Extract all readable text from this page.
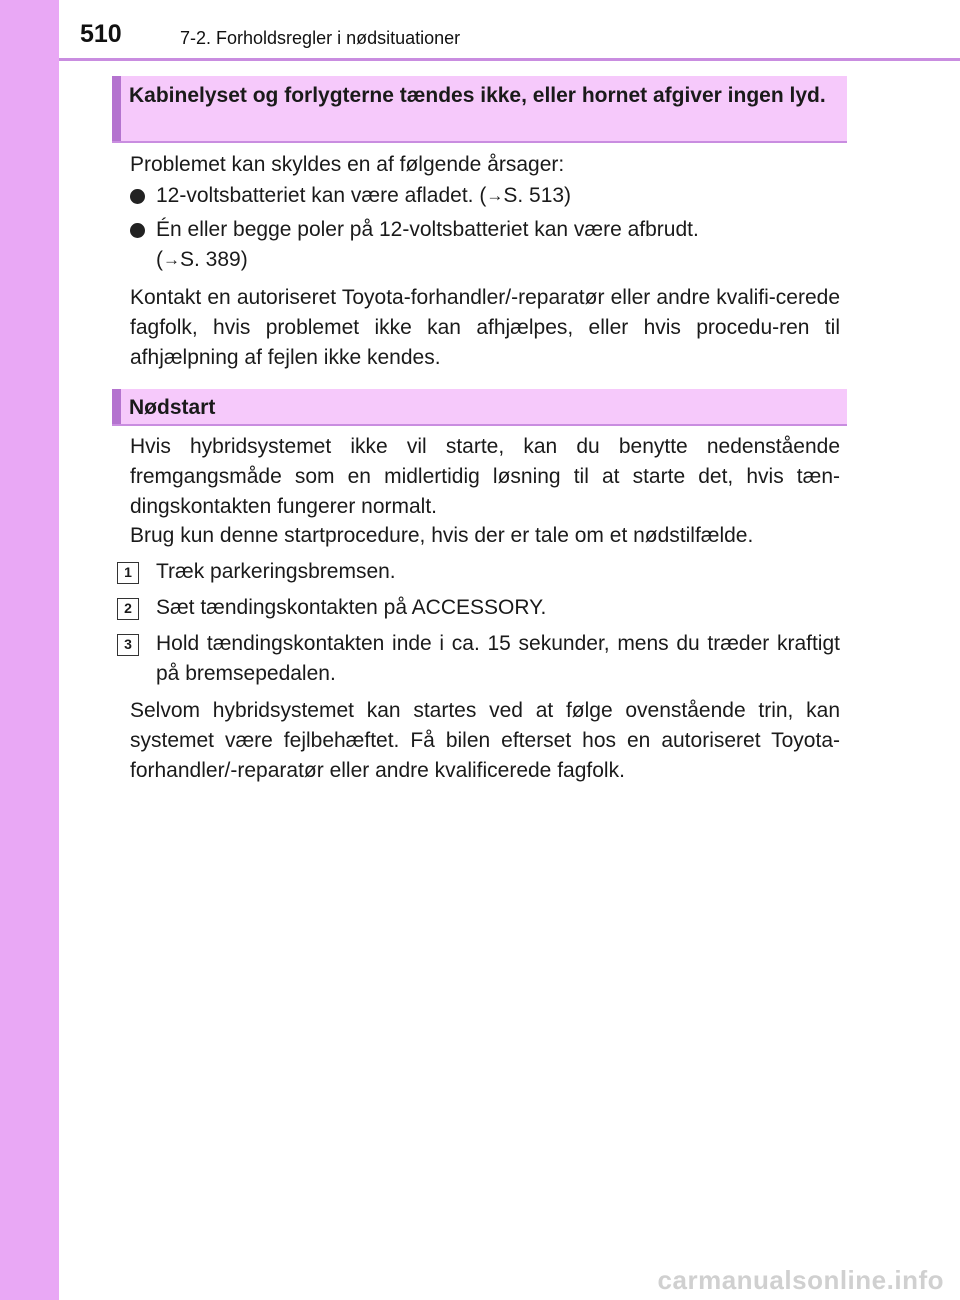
510	7-2. Forholdsregler i nødsituationer
Kabinelyset og forlygterne tændes ikke, eller hornet afgiver ingen lyd.
Problemet kan skyldes en af følgende årsager:
12-voltsbatteriet kan være afladet. (→S. 513)
Én eller begge poler på 12-voltsbatteriet kan være afbrudt.
(→S. 389)
Kontakt en autoriseret Toyota-forhandler/-reparatør eller andre kvalifi-cerede fagfolk, hvis problemet ikke kan afhjælpes, eller hvis procedu-ren til afhjælpning af fejlen ikke kendes.
Nødstart
Hvis hybridsystemet ikke vil starte, kan du benytte nedenstående fremgangsmåde som en midlertidig løsning til at starte det, hvis tæn-dingskontakten fungerer normalt.
Brug kun denne startprocedure, hvis der er tale om et nødstilfælde.
1	Træk parkeringsbremsen.
2	Sæt tændingskontakten på ACCESSORY.
3	Hold tændingskontakten inde i ca. 15 sekunder, mens du træder kraftigt på bremsepedalen.
Selvom hybridsystemet kan startes ved at følge ovenstående trin, kan systemet være fejlbehæftet. Få bilen efterset hos en autoriseret Toyota-forhandler/-reparatør eller andre kvalificerede fagfolk.
carmanualsonline.info
